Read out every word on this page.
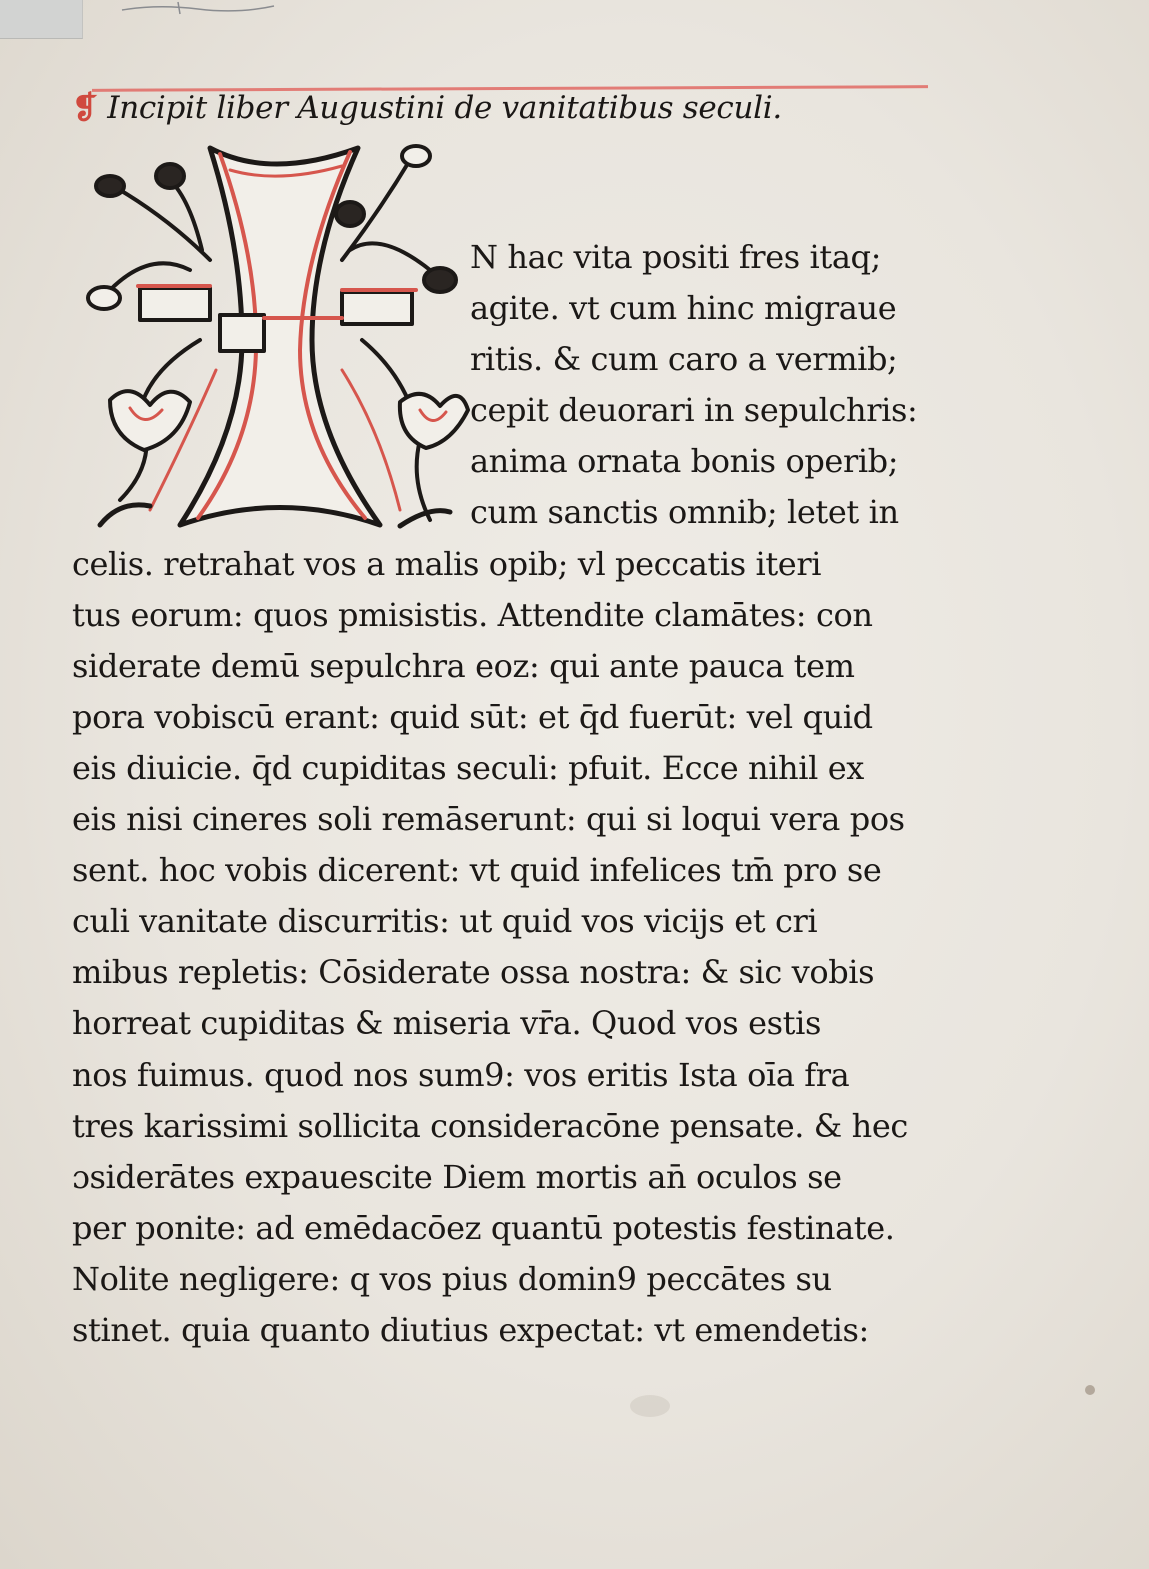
❡ Incipit liber Augustini de vanitatibus seculi.
N hac vita positi fres itaq;
agite. vt cum hinc migraue
ritis. & cum caro a vermib;
cepit deuorari in sepulchris:
anima ornata bonis operib;
cum sanctis omnib; letet in
celis. retrahat vos a malis opib; vl peccatis iteri
tus eorum: quos pmisistis. Attendite clamātes: con
siderate demū sepulchra eoz: qui ante pauca tem
pora vobiscū erant: quid sūt: et q̄d fuerūt: vel quid
eis diuicie. q̄d cupiditas seculi: pfuit. Ecce nihil ex
eis nisi cineres soli remāserunt: qui si loqui vera pos
sent. hoc vobis dicerent: vt quid infelices tm̄ pro se
culi vanitate discurritis: ut quid vos vicijs et cri
mibus repletis: Cōsiderate ossa nostra: & sic vobis
horreat cupiditas & miseria vr̄a. Quod vos estis
nos fuimus. quod nos sum9: vos eritis Ista oīa fra
tres karissimi sollicita consideracōne pensate. & hec
ɔsiderātes expauescite Diem mortis an̄ oculos se
per ponite: ad emēdacōez quantū potestis festinate.
Nolite negligere: q vos pius domin9 peccātes su
stinet. quia quanto diutius expectat: vt emendetis:
